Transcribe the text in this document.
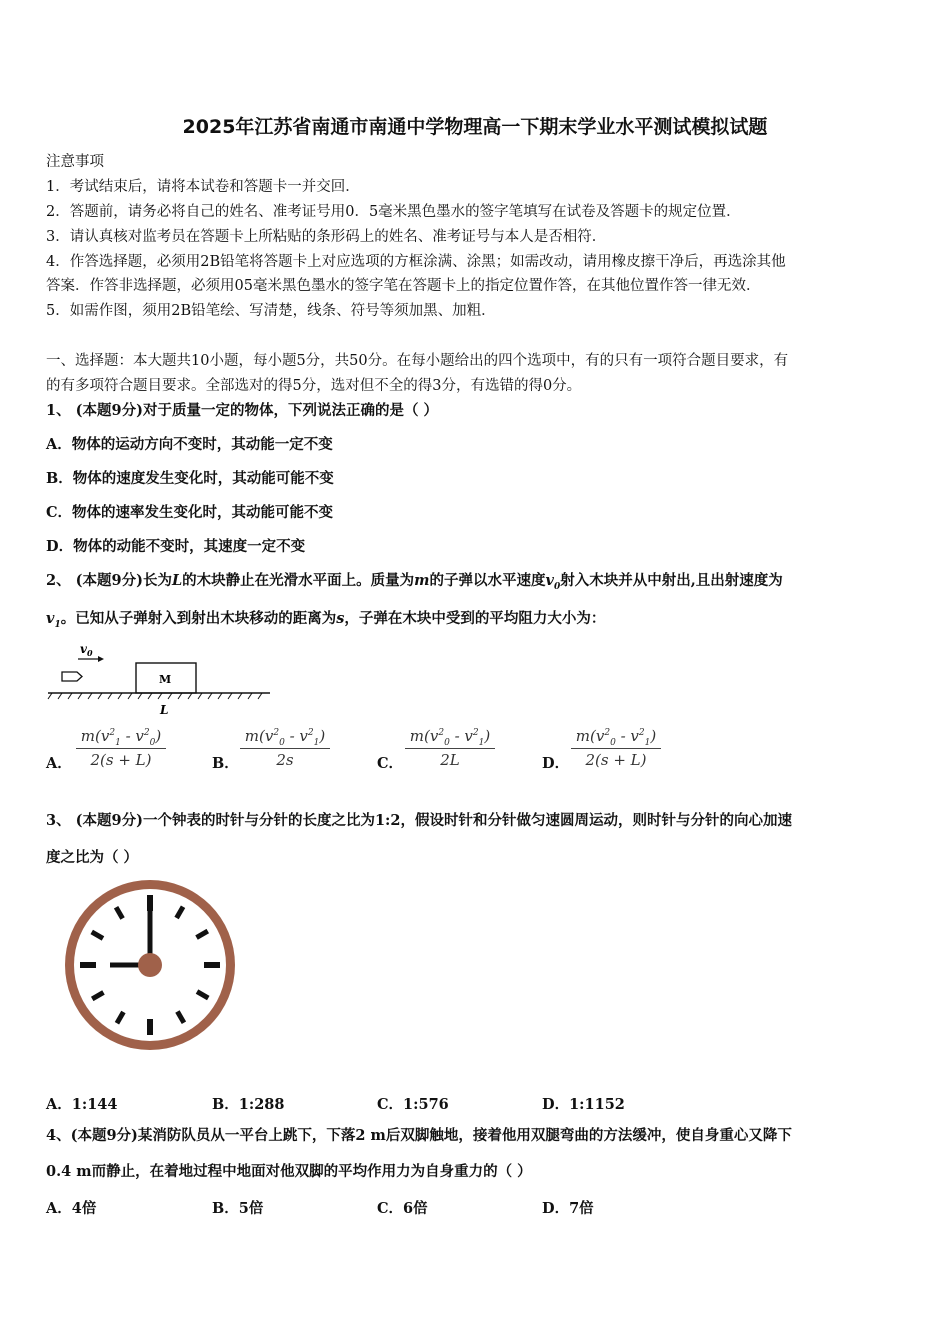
2025年江苏省南通市南通中学物理高一下期末学业水平测试模拟试题
注意事项
1．考试结束后，请将本试卷和答题卡一并交回．
2．答题前，请务必将自己的姓名、准考证号用0．5毫米黑色墨水的签字笔填写在试卷及答题卡的规定位置．
3．请认真核对监考员在答题卡上所粘贴的条形码上的姓名、准考证号与本人是否相符．
4．作答选择题，必须用2B铅笔将答题卡上对应选项的方框涂满、涂黑；如需改动，请用橡皮擦干净后，再选涂其他
答案．作答非选择题，必须用05毫米黑色墨水的签字笔在答题卡上的指定位置作答，在其他位置作答一律无效．
5．如需作图，须用2B铅笔绘、写清楚，线条、符号等须加黑、加粗．
一、选择题：本大题共10小题，每小题5分，共50分。在每小题给出的四个选项中，有的只有一项符合题目要求，有
的有多项符合题目要求。全部选对的得5分，选对但不全的得3分，有选错的得0分。
1、 (本题9分)对于质量一定的物体，下列说法正确的是（ ）
A．物体的运动方向不变时，其动能一定不变
B．物体的速度发生变化时，其动能可能不变
C．物体的速率发生变化时，其动能可能不变
D．物体的动能不变时，其速度一定不变
2、 (本题9分)长为L的木块静止在光滑水平面上。质量为m的子弹以水平速度$v_0$射入木块并从中射出,且出射速度为
$v_1$。已知从子弹射入到射出木块移动的距离为s，子弹在木块中受到的平均阻力大小为：
$v_0$
M
L
A． $\frac{m(v^2_1 - v^2_0)}{2(s + L)}$	B． $\frac{m(v^2_0 - v^2_1)}{2s}$	C． $\frac{m(v^2_0 - v^2_1)}{2L}$	D． $\frac{m(v^2_0 - v^2_1)}{2(s + L)}$
3、 (本题9分)一个钟表的时针与分针的长度之比为1:2，假设时针和分针做匀速圆周运动，则时针与分针的向心加速
度之比为（ ）
A．1:144	B．1:288	C．1:576	D．1:1152
4、(本题9分)某消防队员从一平台上跳下，下落2 m后双脚触地，接着他用双腿弯曲的方法缓冲，使自身重心又降下
0.4 m而静止，在着地过程中地面对他双脚的平均作用力为自身重力的（ ）
A．4倍	B．5倍	C．6倍	D．7倍
